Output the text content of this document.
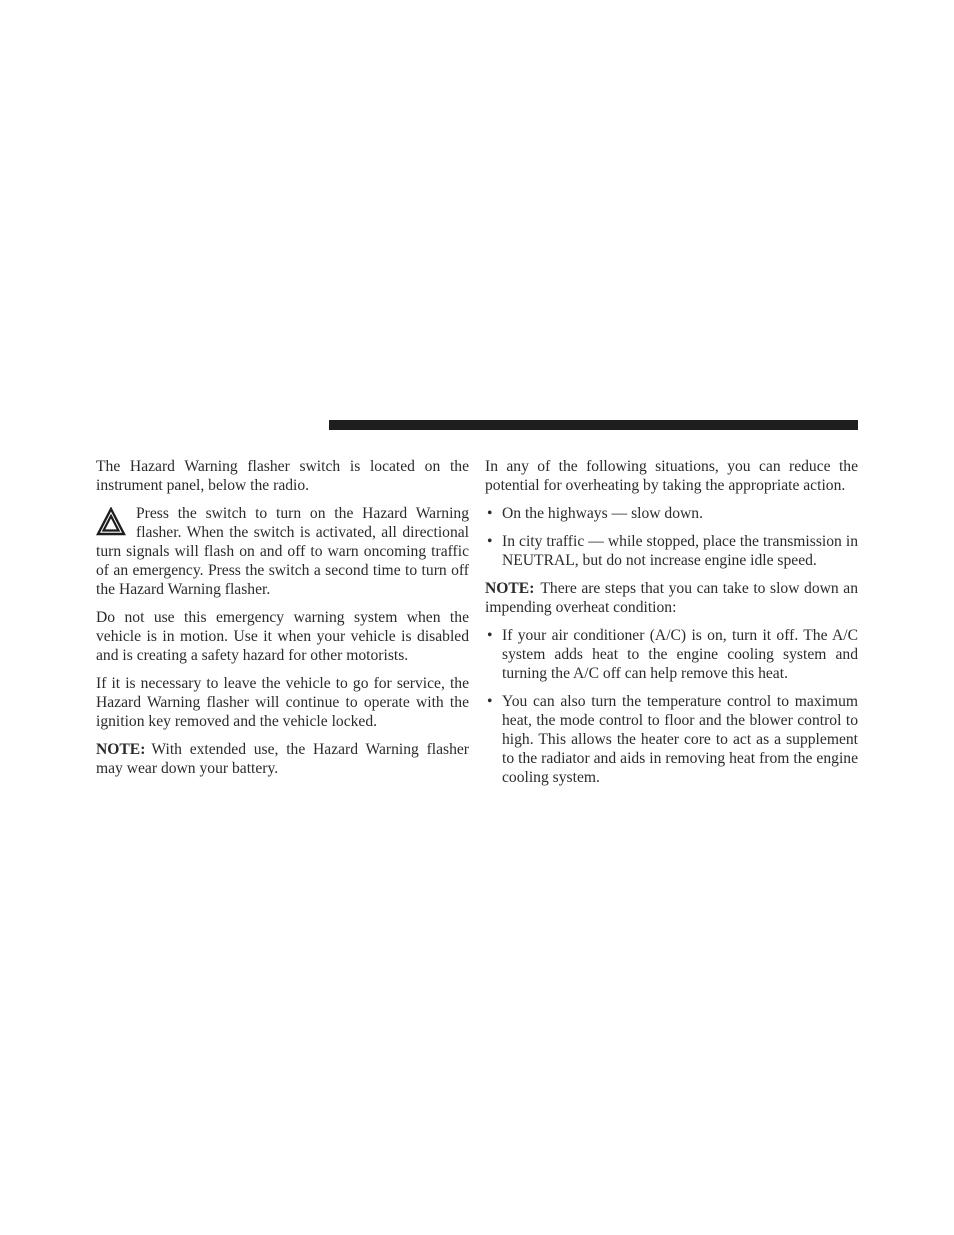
The Hazard Warning flasher switch is located on the instrument panel, below the radio.

Press the switch to turn on the Hazard Warning flasher. When the switch is activated, all directional turn signals will flash on and off to warn oncoming traffic of an emergency. Press the switch a second time to turn off the Hazard Warning flasher.

Do not use this emergency warning system when the vehicle is in motion. Use it when your vehicle is disabled and is creating a safety hazard for other motorists.

If it is necessary to leave the vehicle to go for service, the Hazard Warning flasher will continue to operate with the ignition key removed and the vehicle locked.

NOTE: With extended use, the Hazard Warning flasher may wear down your battery.

In any of the following situations, you can reduce the potential for overheating by taking the appropriate action.

• On the highways — slow down.
• In city traffic — while stopped, place the transmission in NEUTRAL, but do not increase engine idle speed.

NOTE: There are steps that you can take to slow down an impending overheat condition:

• If your air conditioner (A/C) is on, turn it off. The A/C system adds heat to the engine cooling system and turning the A/C off can help remove this heat.
• You can also turn the temperature control to maximum heat, the mode control to floor and the blower control to high. This allows the heater core to act as a supplement to the radiator and aids in removing heat from the engine cooling system.
